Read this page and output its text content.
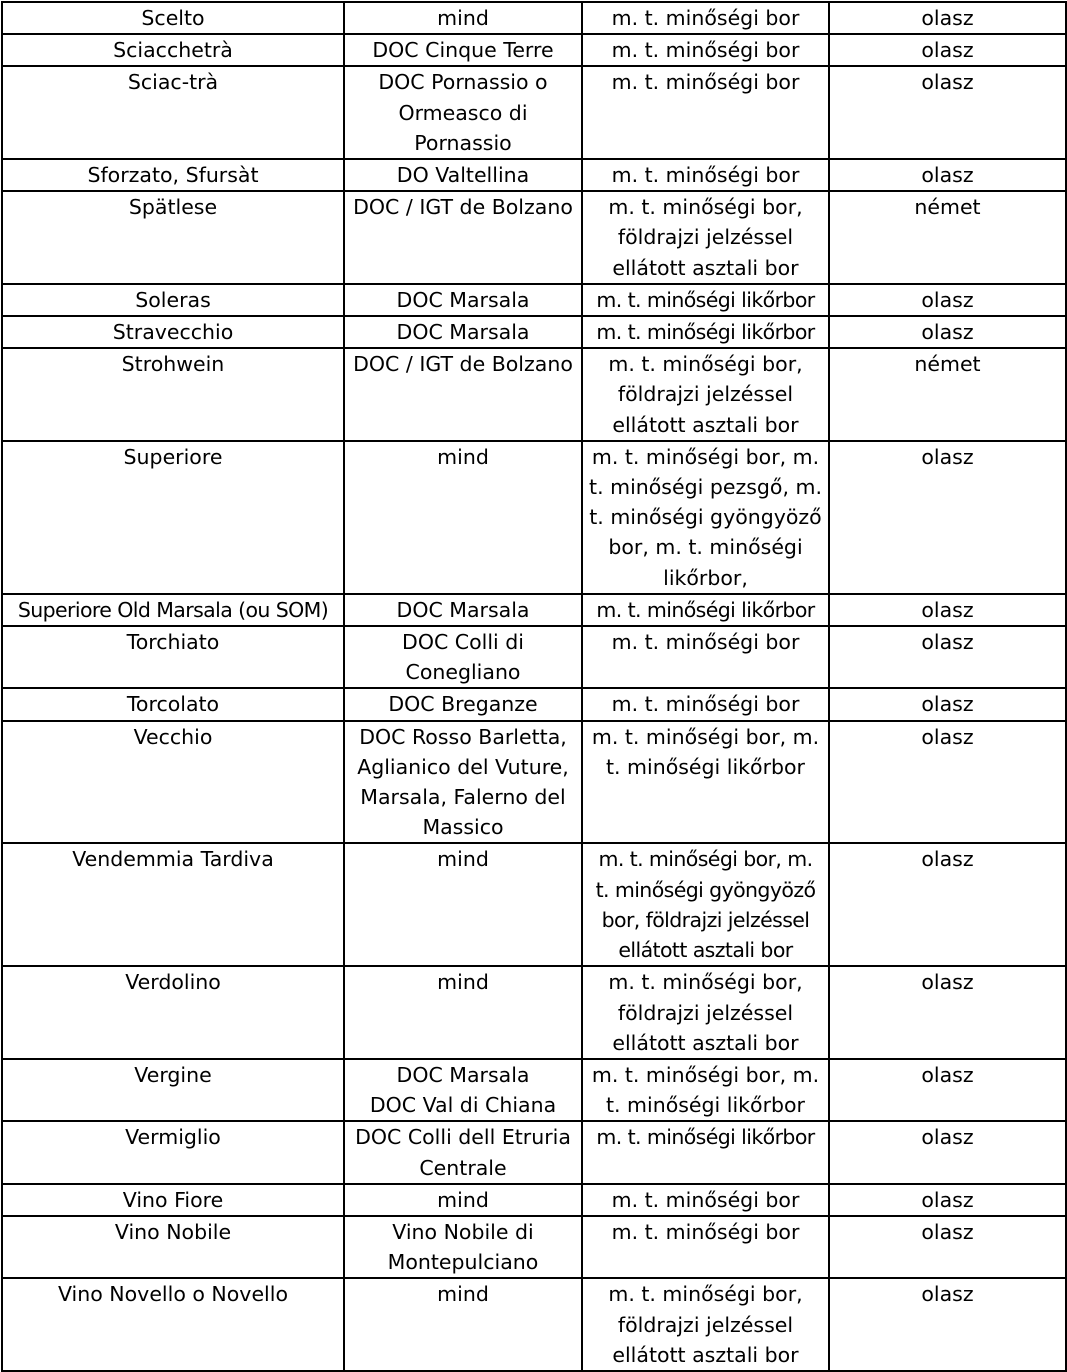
Scelto	mind	m. t. minőségi bor	olasz

Sciacchetrà	DOC Cinque Terre	m. t. minőségi bor	olasz

Sciac-trà	DOC Pornassio o
Ormeasco di
Pornassio	m. t. minőségi bor	olasz

Sforzato, Sfursàt	DO Valtellina	m. t. minőségi bor	olasz

Spätlese	DOC / IGT de Bolzano	m. t. minőségi bor,
földrajzi jelzéssel
ellátott asztali bor	német

Soleras	DOC Marsala	m. t. minőségi likőrbor	olasz

Stravecchio	DOC Marsala	m. t. minőségi likőrbor	olasz

Strohwein	DOC / IGT de Bolzano	m. t. minőségi bor,
földrajzi jelzéssel
ellátott asztali bor	német

Superiore	mind	m. t. minőségi bor, m.
t. minőségi pezsgő, m.
t. minőségi gyöngyöző
bor, m. t. minőségi
likőrbor,	olasz

Superiore Old Marsala (ou SOM)	DOC Marsala	m. t. minőségi likőrbor	olasz

Torchiato	DOC Colli di
Conegliano	m. t. minőségi bor	olasz

Torcolato	DOC Breganze	m. t. minőségi bor	olasz

Vecchio	DOC Rosso Barletta,
Aglianico del Vuture,
Marsala, Falerno del
Massico	m. t. minőségi bor, m.
t. minőségi likőrbor	olasz

Vendemmia Tardiva	mind	m. t. minőségi bor, m.
t. minőségi gyöngyöző
bor, földrajzi jelzéssel
ellátott asztali bor	olasz

Verdolino	mind	m. t. minőségi bor,
földrajzi jelzéssel
ellátott asztali bor	olasz

Vergine	DOC Marsala
DOC Val di Chiana	m. t. minőségi bor, m.
t. minőségi likőrbor	olasz

Vermiglio	DOC Colli dell Etruria
Centrale	m. t. minőségi likőrbor	olasz

Vino Fiore	mind	m. t. minőségi bor	olasz

Vino Nobile	Vino Nobile di
Montepulciano	m. t. minőségi bor	olasz

Vino Novello o Novello	mind	m. t. minőségi bor,
földrajzi jelzéssel
ellátott asztali bor	olasz
